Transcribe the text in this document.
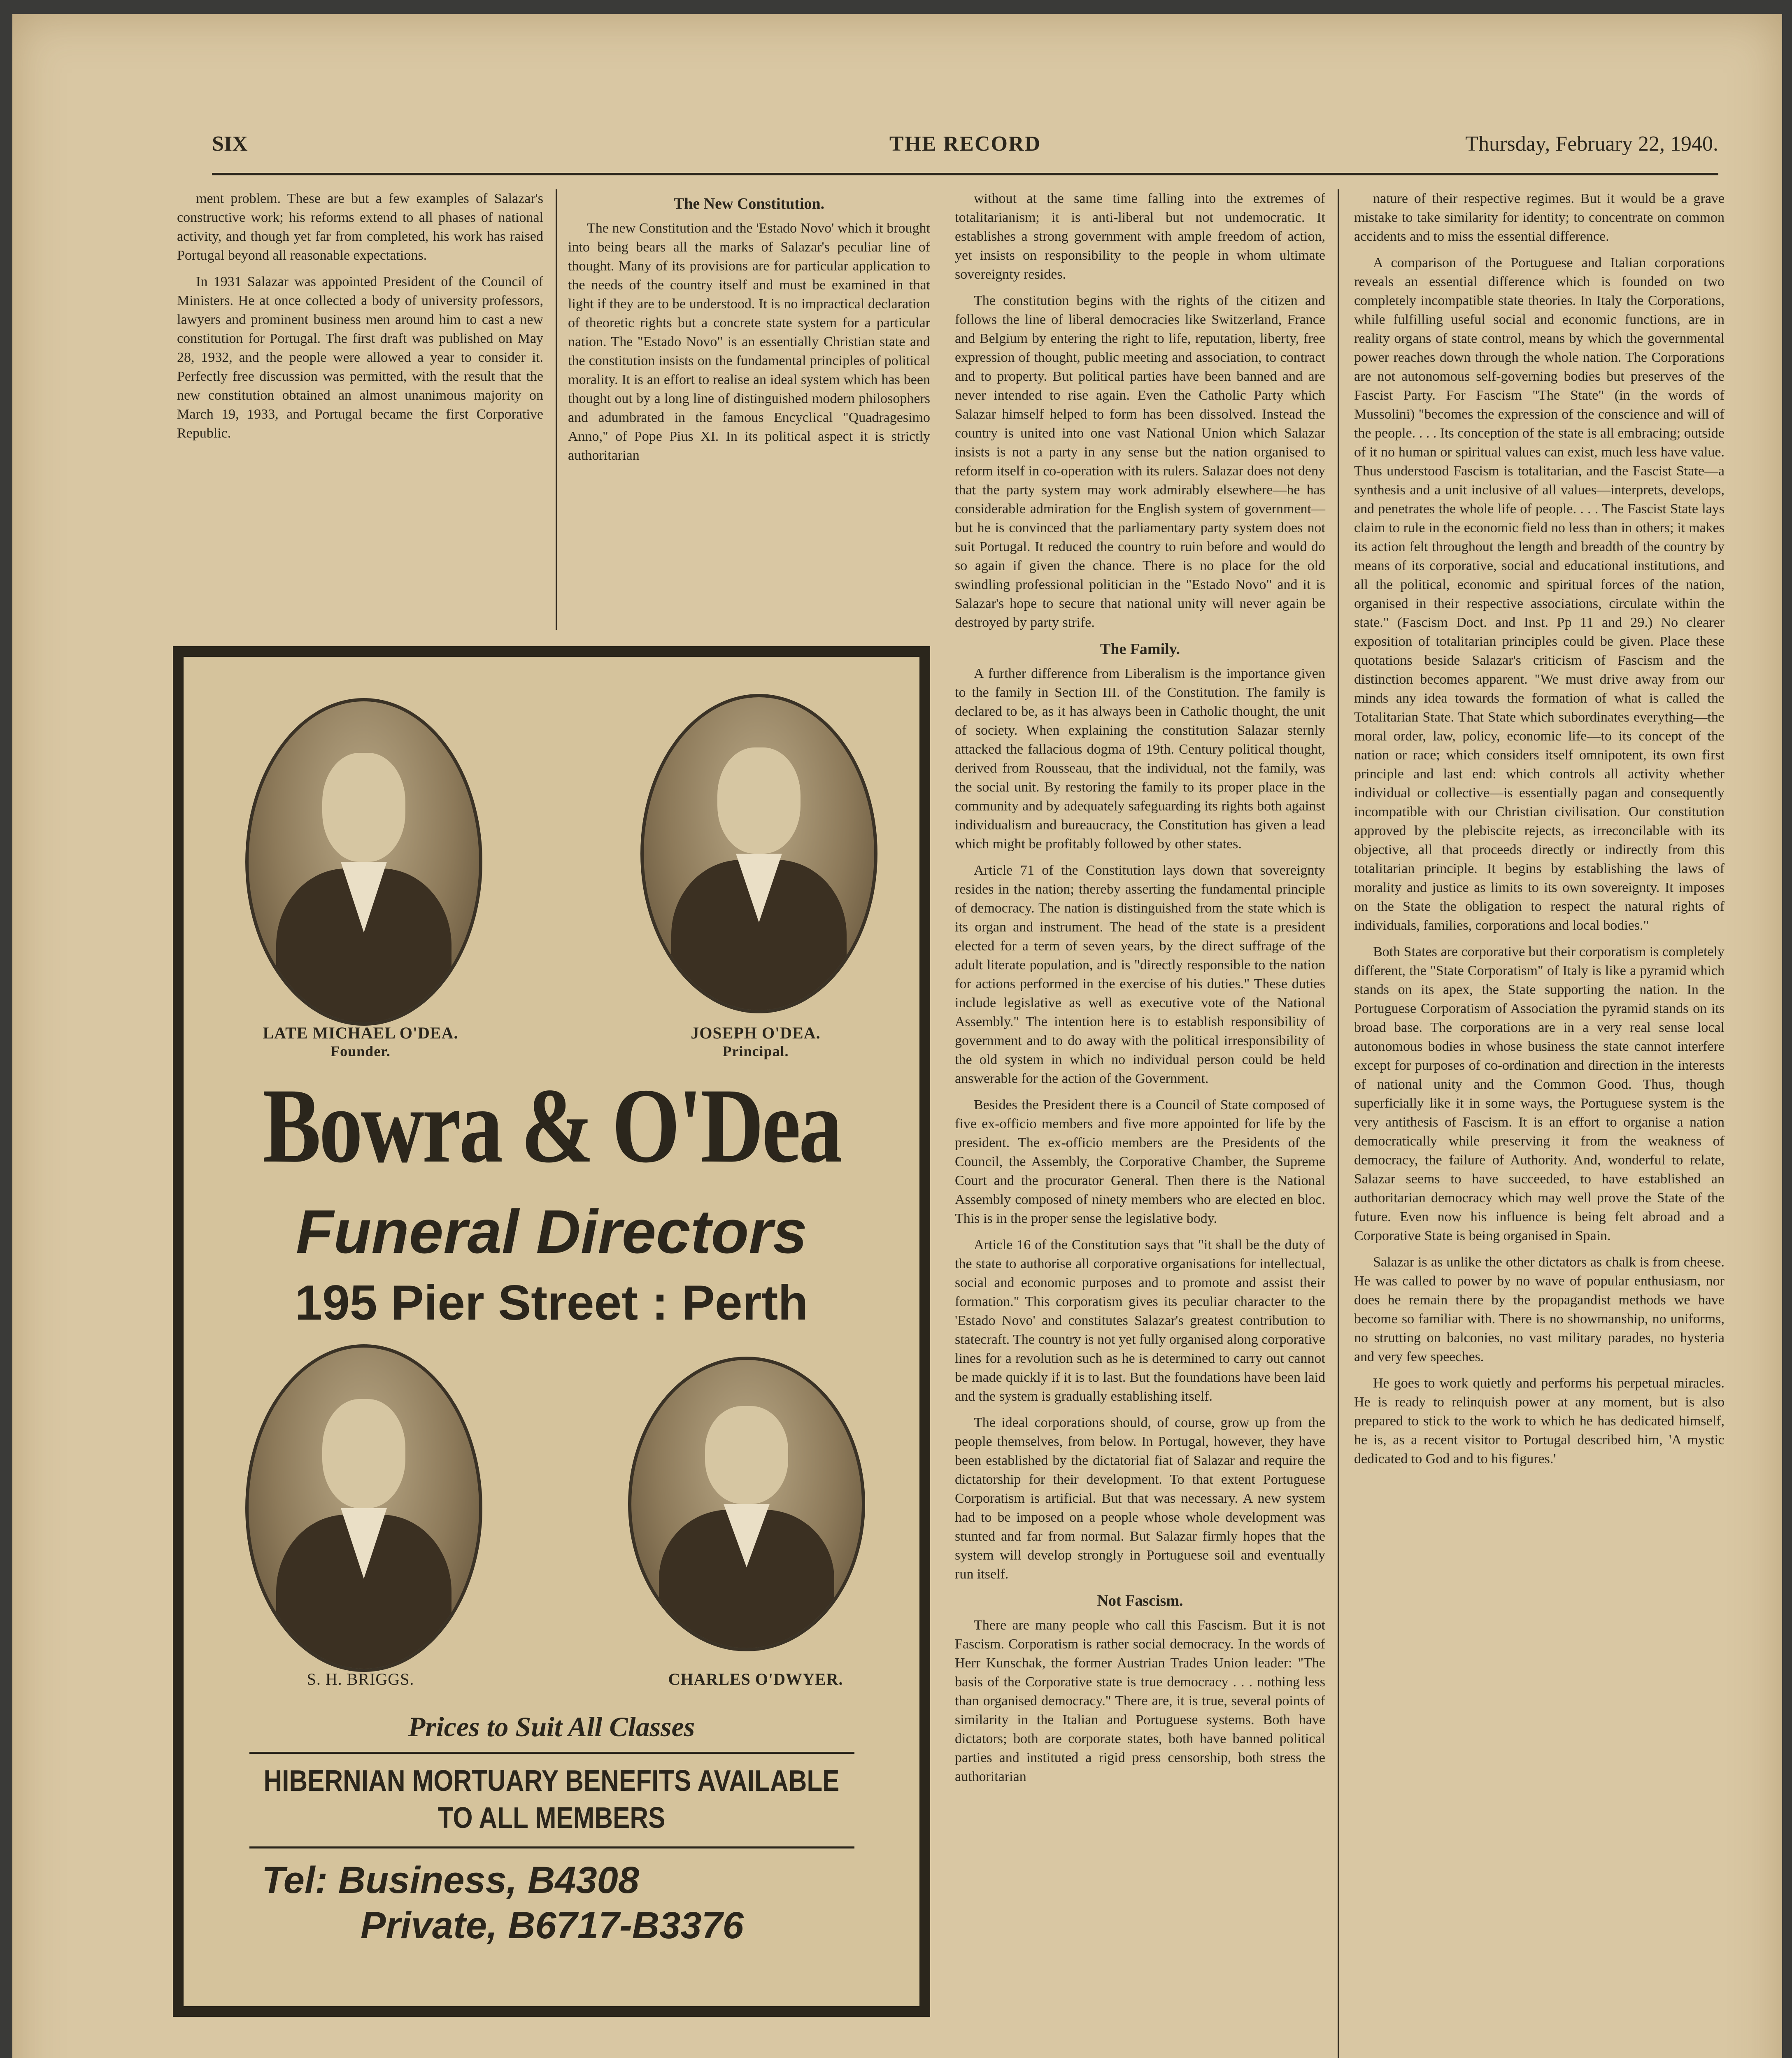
SIX	THE RECORD	Thursday, February 22, 1940.

ment problem. These are but a few examples of Salazar's constructive work; his reforms extend to all phases of national activity, and though yet far from completed, his work has raised Portugal beyond all reasonable expectations.

In 1931 Salazar was appointed President of the Council of Ministers. He at once collected a body of university professors, lawyers and prominent business men around him to cast a new constitution for Portugal. The first draft was published on May 28, 1932, and the people were allowed a year to consider it. Perfectly free discussion was permitted, with the result that the new constitution obtained an almost unanimous majority on March 19, 1933, and Portugal became the first Corporative Republic.

The New Constitution.

The new Constitution and the 'Estado Novo' which it brought into being bears all the marks of Salazar's peculiar line of thought. Many of its provisions are for particular application to the needs of the country itself and must be examined in that light if they are to be understood. It is no impractical declaration of theoretic rights but a concrete state system for a particular nation. The "Estado Novo" is an essentially Christian state and the constitution insists on the fundamental principles of political morality. It is an effort to realise an ideal system which has been thought out by a long line of distinguished modern philosophers and adumbrated in the famous Encyclical "Quadragesimo Anno," of Pope Pius XI. In its political aspect it is strictly authoritarian

without at the same time falling into the extremes of totalitarianism; it is anti-liberal but not undemocratic. It establishes a strong government with ample freedom of action, yet insists on responsibility to the people in whom ultimate sovereignty resides.

The constitution begins with the rights of the citizen and follows the line of liberal democracies like Switzerland, France and Belgium by entering the right to life, reputation, liberty, free expression of thought, public meeting and association, to contract and to property. But political parties have been banned and are never intended to rise again. Even the Catholic Party which Salazar himself helped to form has been dissolved. Instead the country is united into one vast National Union which Salazar insists is not a party in any sense but the nation organised to reform itself in co-operation with its rulers. Salazar does not deny that the party system may work admirably elsewhere—he has considerable admiration for the English system of government—but he is convinced that the parliamentary party system does not suit Portugal. It reduced the country to ruin before and would do so again if given the chance. There is no place for the old swindling professional politician in the "Estado Novo" and it is Salazar's hope to secure that national unity will never again be destroyed by party strife.

The Family.

A further difference from Liberalism is the importance given to the family in Section III. of the Constitution. The family is declared to be, as it has always been in Catholic thought, the unit of society. When explaining the constitution Salazar sternly attacked the fallacious dogma of 19th. Century political thought, derived from Rousseau, that the individual, not the family, was the social unit. By restoring the family to its proper place in the community and by adequately safeguarding its rights both against individualism and bureaucracy, the Constitution has given a lead which might be profitably followed by other states.

Article 71 of the Constitution lays down that sovereignty resides in the nation; thereby asserting the fundamental principle of democracy. The nation is distinguished from the state which is its organ and instrument. The head of the state is a president elected for a term of seven years, by the direct suffrage of the adult literate population, and is "directly responsible to the nation for actions performed in the exercise of his duties." These duties include legislative as well as executive vote of the National Assembly." The intention here is to establish responsibility of government and to do away with the political irresponsibility of the old system in which no individual person could be held answerable for the action of the Government.

Besides the President there is a Council of State composed of five ex-officio members and five more appointed for life by the president. The ex-officio members are the Presidents of the Council, the Assembly, the Corporative Chamber, the Supreme Court and the procurator General. Then there is the National Assembly composed of ninety members who are elected en bloc. This is in the proper sense the legislative body.

Article 16 of the Constitution says that "it shall be the duty of the state to authorise all corporative organisations for intellectual, social and economic purposes and to promote and assist their formation." This corporatism gives its peculiar character to the 'Estado Novo' and constitutes Salazar's greatest contribution to statecraft. The country is not yet fully organised along corporative lines for a revolution such as he is determined to carry out cannot be made quickly if it is to last. But the foundations have been laid and the system is gradually establishing itself.

The ideal corporations should, of course, grow up from the people themselves, from below. In Portugal, however, they have been established by the dictatorial fiat of Salazar and require the dictatorship for their development. To that extent Portuguese Corporatism is artificial. But that was necessary. A new system had to be imposed on a people whose whole development was stunted and far from normal. But Salazar firmly hopes that the system will develop strongly in Portuguese soil and eventually run itself.

Not Fascism.

There are many people who call this Fascism. But it is not Fascism. Corporatism is rather social democracy. In the words of Herr Kunschak, the former Austrian Trades Union leader: "The basis of the Corporative state is true democracy . . . nothing less than organised democracy." There are, it is true, several points of similarity in the Italian and Portuguese systems. Both have dictators; both are corporate states, both have banned political parties and instituted a rigid press censorship, both stress the authoritarian

nature of their respective regimes. But it would be a grave mistake to take similarity for identity; to concentrate on common accidents and to miss the essential difference.

A comparison of the Portuguese and Italian corporations reveals an essential difference which is founded on two completely incompatible state theories. In Italy the Corporations, while fulfilling useful social and economic functions, are in reality organs of state control, means by which the governmental power reaches down through the whole nation. The Corporations are not autonomous self-governing bodies but preserves of the Fascist Party. For Fascism "The State" (in the words of Mussolini) "becomes the expression of the conscience and will of the people. . . . Its conception of the state is all embracing; outside of it no human or spiritual values can exist, much less have value. Thus understood Fascism is totalitarian, and the Fascist State—a synthesis and a unit inclusive of all values—interprets, develops, and penetrates the whole life of people. . . . The Fascist State lays claim to rule in the economic field no less than in others; it makes its action felt throughout the length and breadth of the country by means of its corporative, social and educational institutions, and all the political, economic and spiritual forces of the nation, organised in their respective associations, circulate within the state." (Fascism Doct. and Inst. Pp 11 and 29.) No clearer exposition of totalitarian principles could be given. Place these quotations beside Salazar's criticism of Fascism and the distinction becomes apparent. "We must drive away from our minds any idea towards the formation of what is called the Totalitarian State. That State which subordinates everything—the moral order, law, policy, economic life—to its concept of the nation or race; which considers itself omnipotent, its own first principle and last end: which controls all activity whether individual or collective—is essentially pagan and consequently incompatible with our Christian civilisation. Our constitution approved by the plebiscite rejects, as irreconcilable with its objective, all that proceeds directly or indirectly from this totalitarian principle. It begins by establishing the laws of morality and justice as limits to its own sovereignty. It imposes on the State the obligation to respect the natural rights of individuals, families, corporations and local bodies."

Both States are corporative but their corporatism is completely different, the "State Corporatism" of Italy is like a pyramid which stands on its apex, the State supporting the nation. In the Portuguese Corporatism of Association the pyramid stands on its broad base. The corporations are in a very real sense local autonomous bodies in whose business the state cannot interfere except for purposes of co-ordination and direction in the interests of national unity and the Common Good. Thus, though superficially like it in some ways, the Portuguese system is the very antithesis of Fascism. It is an effort to organise a nation democratically while preserving it from the weakness of democracy, the failure of Authority. And, wonderful to relate, Salazar seems to have succeeded, to have established an authoritarian democracy which may well prove the State of the future. Even now his influence is being felt abroad and a Corporative State is being organised in Spain.

Salazar is as unlike the other dictators as chalk is from cheese. He was called to power by no wave of popular enthusiasm, nor does he remain there by the propagandist methods we have become so familiar with. There is no showmanship, no uniforms, no strutting on balconies, no vast military parades, no hysteria and very few speeches.

He goes to work quietly and performs his perpetual miracles. He is ready to relinquish power at any moment, but is also prepared to stick to the work to which he has dedicated himself, he is, as a recent visitor to Portugal described him, 'A mystic dedicated to God and to his figures.'

LATE MICHAEL O'DEA.
Founder.
JOSEPH O'DEA.
Principal.
Bowra & O'Dea
Funeral Directors
195 Pier Street : Perth
S. H. BRIGGS.	CHARLES O'DWYER.
Prices to Suit All Classes
HIBERNIAN MORTUARY BENEFITS AVAILABLE
TO ALL MEMBERS
Tel: Business, B4308
Private, B6717-B3376
